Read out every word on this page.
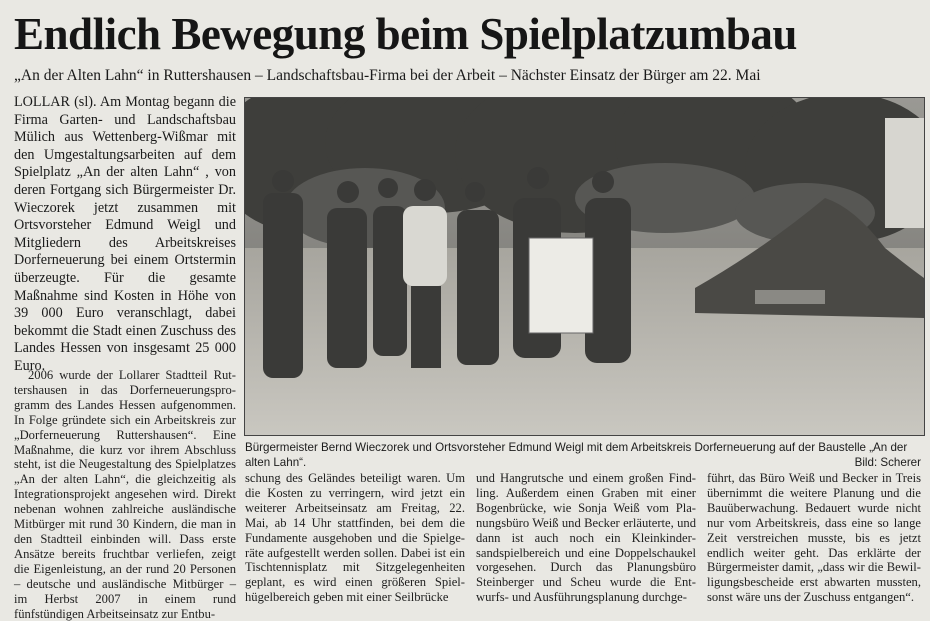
Endlich Bewegung beim Spielplatzumbau
„An der Alten Lahn“ in Ruttershausen – Landschaftsbau-Firma bei der Arbeit – Nächster Einsatz der Bürger am 22. Mai
LOLLAR (sl). Am Montag begann die Firma Garten- und Landschaftsbau Mülich aus Wettenberg-Wißmar mit den Umgestaltungsarbeiten auf dem Spielplatz „An der alten Lahn“ , von deren Fortgang sich Bürgermeister Dr. Wieczorek jetzt zusammen mit Ortsvorsteher Edmund Weigl und Mitgliedern des Arbeitskreises Dorferneuerung bei einem Ortstermin überzeugte. Für die gesamte Maßnahme sind Kosten in Höhe von 39 000 Euro veranschlagt, dabei bekommt die Stadt einen Zuschuss des Landes Hessen von insgesamt 25 000 Euro.
Bürgermeister Bernd Wieczorek und Ortsvorsteher Edmund Weigl mit dem Arbeitskreis Dorferneuerung auf der Baustelle „An der alten Lahn“.	Bild: Scherer
2006 wurde der Lollarer Stadtteil Ruttershausen in das Dorferneuerungsprogramm des Landes Hessen aufgenommen. In Folge gründete sich ein Arbeitskreis zur „Dorferneuerung Ruttershausen“. Eine Maßnahme, die kurz vor ihrem Abschluss steht, ist die Neugestaltung des Spielplatzes „An der alten Lahn“, die gleichzeitig als Integrationsprojekt angesehen wird. Direkt nebenan wohnen zahlreiche ausländische Mitbürger mit rund 30 Kindern, die man in den Stadtteil einbinden will. Dass erste Ansätze bereits fruchtbar verliefen, zeigt die Eigenleistung, an der rund 20 Personen – deutsche und ausländische Mitbürger – im Herbst 2007 in einem rund fünfstündigen Arbeitseinsatz zur Entbu-
schung des Geländes beteiligt waren. Um die Kosten zu verringern, wird jetzt ein weiterer Arbeitseinsatz am Freitag, 22. Mai, ab 14 Uhr stattfinden, bei dem die Fundamente ausgehoben und die Spielgeräte aufgestellt werden sollen. Dabei ist ein Tischtennisplatz mit Sitzgelegenheiten geplant, es wird einen größeren Spielhügelbereich geben mit einer Seilbrücke
und Hangrutsche und einem großen Findling. Außerdem einen Graben mit einer Bogenbrücke, wie Sonja Weiß vom Planungsbüro Weiß und Becker erläuterte, und dann ist auch noch ein Kleinkindersandspielbereich und eine Doppelschaukel vorgesehen. Durch das Planungsbüro Steinberger und Scheu wurde die Entwurfs- und Ausführungsplanung durchge-
führt, das Büro Weiß und Becker in Treis übernimmt die weitere Planung und die Bauüberwachung. Bedauert wurde nicht nur vom Arbeitskreis, dass eine so lange Zeit verstreichen musste, bis es jetzt endlich weiter geht. Das erklärte der Bürgermeister damit, „dass wir die Bewilligungsbescheide erst abwarten mussten, sonst wäre uns der Zuschuss entgangen“.
